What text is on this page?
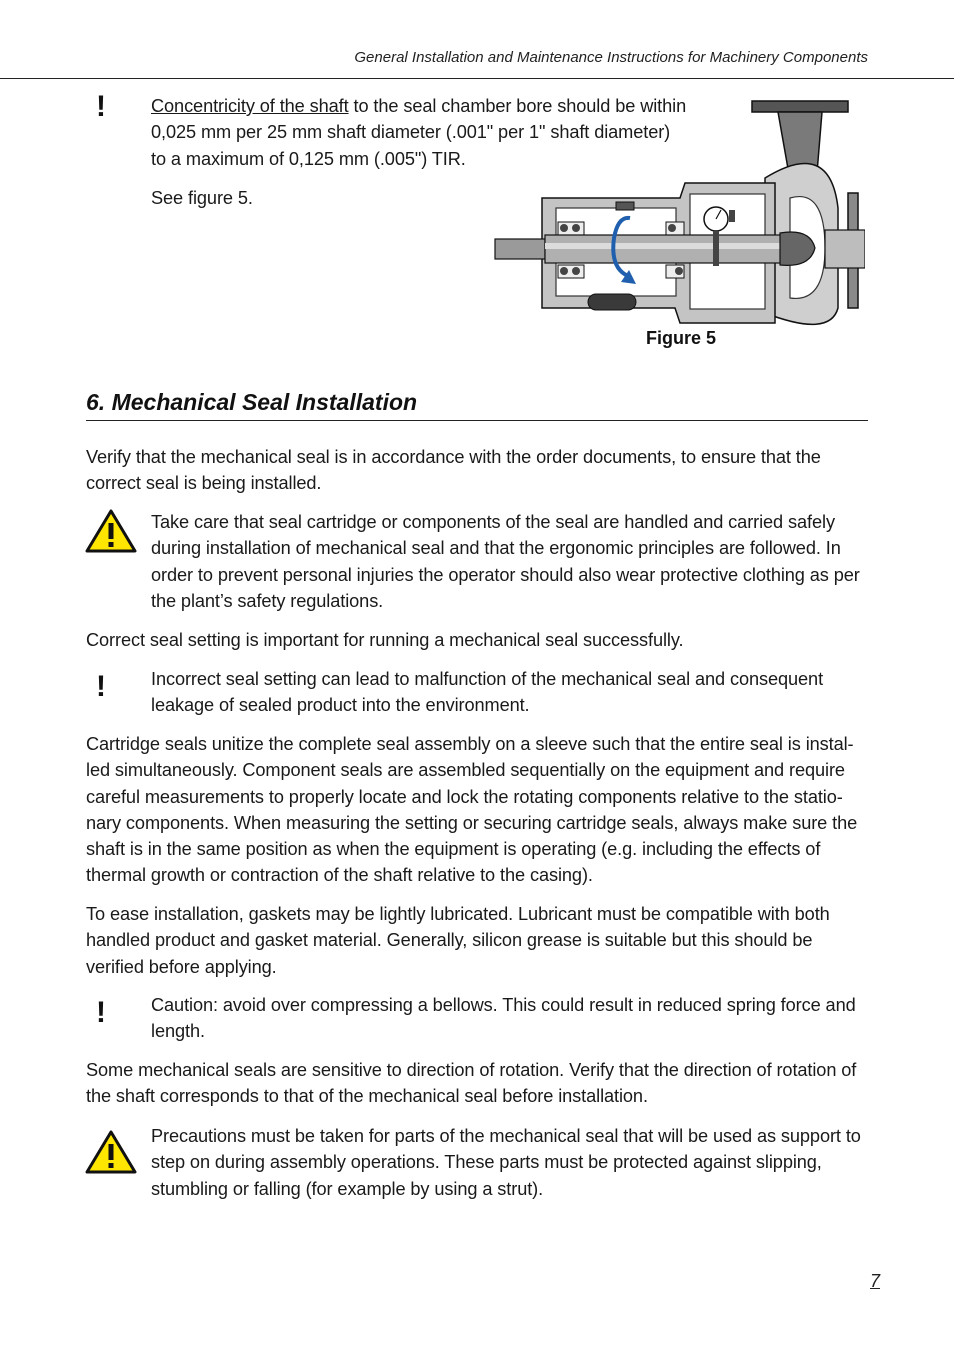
General Installation and Maintenance Instructions for Machinery Components
! Concentricity of the shaft to the seal chamber bore should be within
0,025 mm per 25 mm shaft diameter (.001" per 1" shaft diameter)
to a maximum of 0,125 mm (.005") TIR.
See figure 5.
Figure 5
6. Mechanical Seal Installation
Verify that the mechanical seal is in accordance with the order documents, to ensure that the correct seal is being installed.
Take care that seal cartridge or components of the seal are handled and carried safely during installation of mechanical seal and that the ergonomic principles are followed. In order to prevent personal injuries the operator should also wear protective clothing as per the plant’s safety regulations.
Correct seal setting is important for running a mechanical seal successfully.
! Incorrect seal setting can lead to malfunction of the mechanical seal and consequent leakage of sealed product into the environment.
Cartridge seals unitize the complete seal assembly on a sleeve such that the entire seal is instal-led simultaneously. Component seals are assembled sequentially on the equipment and require careful measurements to properly locate and lock the rotating components relative to the statio-nary components. When measuring the setting or securing cartridge seals, always make sure the shaft is in the same position as when the equipment is operating (e.g. including the effects of thermal growth or contraction of the shaft relative to the casing).
To ease installation, gaskets may be lightly lubricated. Lubricant must be compatible with both handled product and gasket material. Generally, silicon grease is suitable but this should be verified before applying.
! Caution: avoid over compressing a bellows. This could result in reduced spring force and length.
Some mechanical seals are sensitive to direction of rotation. Verify that the direction of rotation of the shaft corresponds to that of the mechanical seal before installation.
Precautions must be taken for parts of the mechanical seal that will be used as support to step on during assembly operations. These parts must be protected against slipping, stumbling or falling (for example by using a strut).
7
